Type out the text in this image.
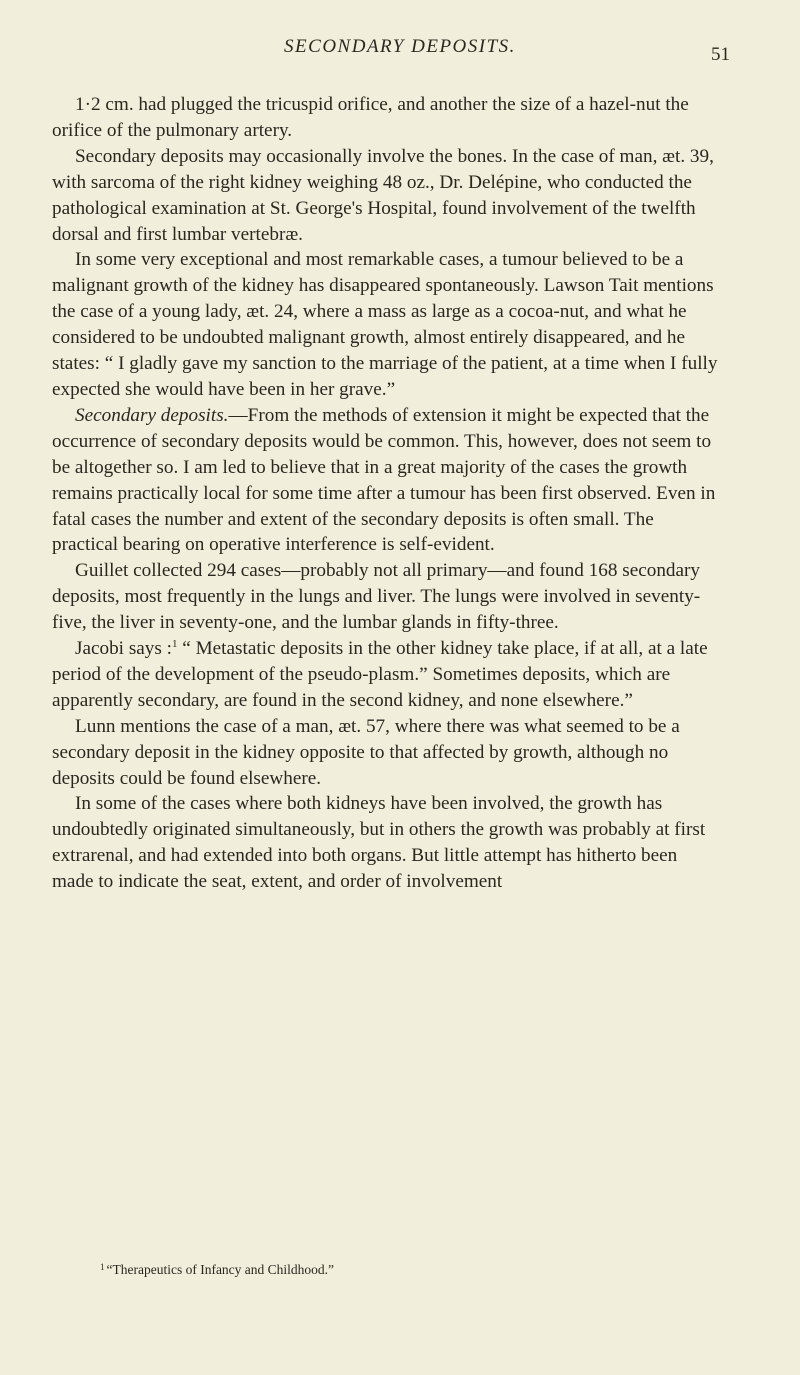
SECONDARY DEPOSITS.	51

1·2 cm. had plugged the tricuspid orifice, and another the size of a hazel-nut the orifice of the pulmonary artery.

Secondary deposits may occasionally involve the bones. In the case of man, æt. 39, with sarcoma of the right kidney weighing 48 oz., Dr. Delépine, who conducted the pathological examination at St. George's Hospital, found involvement of the twelfth dorsal and first lumbar vertebræ.

In some very exceptional and most remarkable cases, a tumour believed to be a malignant growth of the kidney has disappeared spontaneously. Lawson Tait mentions the case of a young lady, æt. 24, where a mass as large as a cocoa-nut, and what he considered to be undoubted malignant growth, almost entirely disappeared, and he states: “ I gladly gave my sanction to the marriage of the patient, at a time when I fully expected she would have been in her grave.”

Secondary deposits.—From the methods of extension it might be expected that the occurrence of secondary deposits would be common. This, however, does not seem to be altogether so. I am led to believe that in a great majority of the cases the growth remains practically local for some time after a tumour has been first observed. Even in fatal cases the number and extent of the secondary deposits is often small. The practical bearing on operative interference is self-evident.

Guillet collected 294 cases—probably not all primary—and found 168 secondary deposits, most frequently in the lungs and liver. The lungs were involved in seventy-five, the liver in seventy-one, and the lumbar glands in fifty-three.

Jacobi says :$^1$ “ Metastatic deposits in the other kidney take place, if at all, at a late period of the development of the pseudo-plasm.” Sometimes deposits, which are apparently secondary, are found in the second kidney, and none elsewhere.”

Lunn mentions the case of a man, æt. 57, where there was what seemed to be a secondary deposit in the kidney opposite to that affected by growth, although no deposits could be found elsewhere.

In some of the cases where both kidneys have been involved, the growth has undoubtedly originated simultaneously, but in others the growth was probably at first extrarenal, and had extended into both organs. But little attempt has hitherto been made to indicate the seat, extent, and order of involvement

$^1$ “Therapeutics of Infancy and Childhood.”
